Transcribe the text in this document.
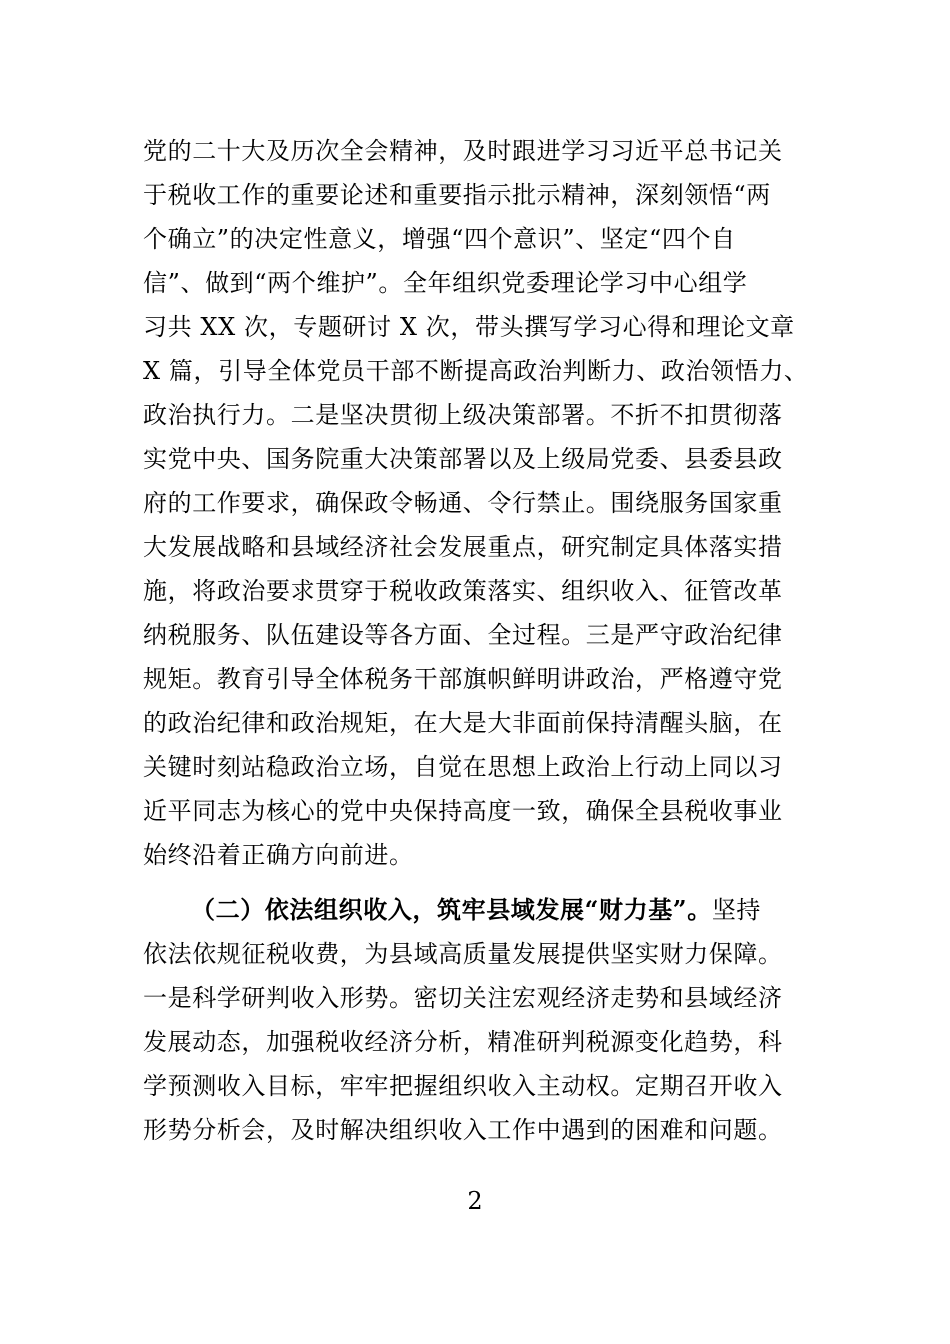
党的二十大及历次全会精神，及时跟进学习习近平总书记关
于税收工作的重要论述和重要指示批示精神，深刻领悟“两
个确立”的决定性意义，增强“四个意识”、坚定“四个自
信”、做到“两个维护”。全年组织党委理论学习中心组学
习共 XX 次，专题研讨 X 次，带头撰写学习心得和理论文章
X 篇，引导全体党员干部不断提高政治判断力、政治领悟力、
政治执行力。二是坚决贯彻上级决策部署。不折不扣贯彻落
实党中央、国务院重大决策部署以及上级局党委、县委县政
府的工作要求，确保政令畅通、令行禁止。围绕服务国家重
大发展战略和县域经济社会发展重点，研究制定具体落实措
施，将政治要求贯穿于税收政策落实、组织收入、征管改革
纳税服务、队伍建设等各方面、全过程。三是严守政治纪律
规矩。教育引导全体税务干部旗帜鲜明讲政治，严格遵守党
的政治纪律和政治规矩，在大是大非面前保持清醒头脑，在
关键时刻站稳政治立场，自觉在思想上政治上行动上同以习
近平同志为核心的党中央保持高度一致，确保全县税收事业
始终沿着正确方向前进。
（二）依法组织收入，筑牢县域发展“财力基”。坚持
依法依规征税收费，为县域高质量发展提供坚实财力保障。
一是科学研判收入形势。密切关注宏观经济走势和县域经济
发展动态，加强税收经济分析，精准研判税源变化趋势，科
学预测收入目标，牢牢把握组织收入主动权。定期召开收入
形势分析会，及时解决组织收入工作中遇到的困难和问题。
2
